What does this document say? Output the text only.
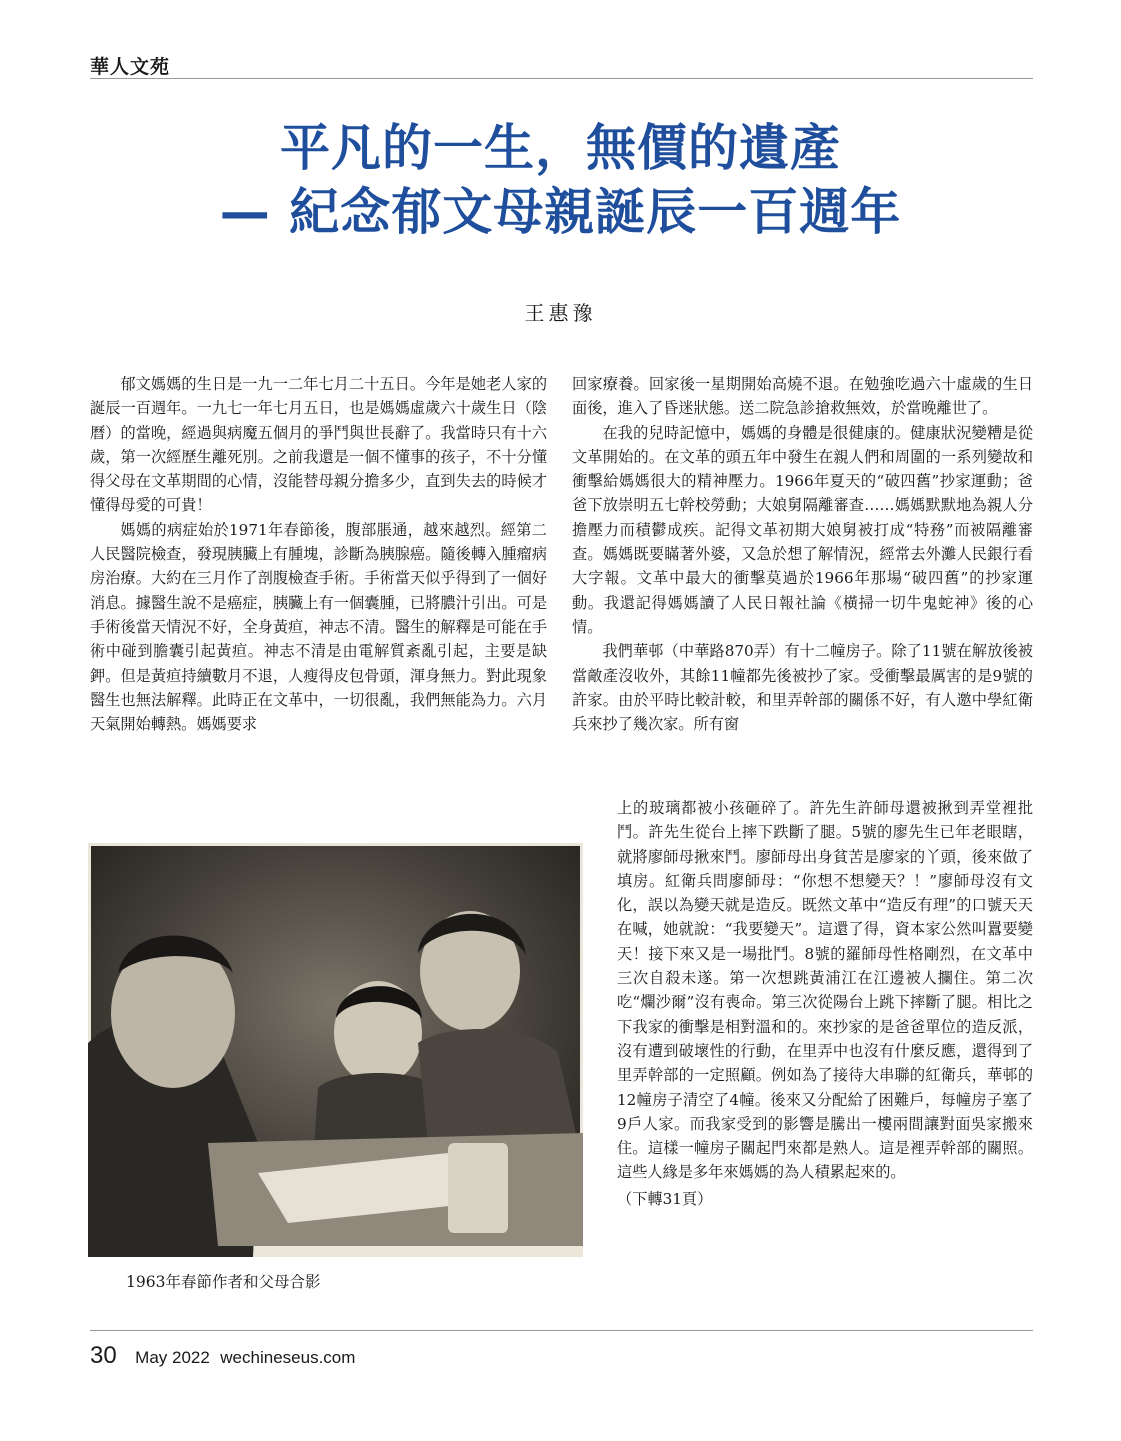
華人文苑
平凡的一生，無價的遺產
— 紀念郁文母親誕辰一百週年
王惠豫

郁文媽媽的生日是一九一二年七月二十五日。今年是她老人家的誕辰一百週年。一九七一年七月五日，也是媽媽虛歲六十歲生日（陰曆）的當晚，經過與病魔五個月的爭鬥與世長辭了。我當時只有十六歲，第一次經歷生離死別。之前我還是一個不懂事的孩子，不十分懂得父母在文革期間的心情，沒能替母親分擔多少，直到失去的時候才懂得母愛的可貴！

媽媽的病症始於1971年春節後，腹部脹通，越來越烈。經第二人民醫院檢查，發現胰臟上有腫塊，診斷為胰腺癌。隨後轉入腫瘤病房治療。大約在三月作了剖腹檢查手術。手術當天似乎得到了一個好消息。據醫生說不是癌症，胰臟上有一個囊腫，已將膿汁引出。可是手術後當天情況不好，全身黃疸，神志不清。醫生的解釋是可能在手術中碰到膽囊引起黃疸。神志不清是由電解質紊亂引起，主要是缺鉀。但是黃疸持續數月不退，人瘦得皮包骨頭，渾身無力。對此現象醫生也無法解釋。此時正在文革中，一切很亂，我們無能為力。六月天氣開始轉熱。媽媽要求

回家療養。回家後一星期開始高燒不退。在勉強吃過六十虛歲的生日面後，進入了昏迷狀態。送二院急診搶救無效，於當晚離世了。

在我的兒時記憶中，媽媽的身體是很健康的。健康狀況變糟是從文革開始的。在文革的頭五年中發生在親人們和周圍的一系列變故和衝擊給媽媽很大的精神壓力。1966年夏天的“破四舊”抄家運動；爸爸下放崇明五七幹校勞動；大娘舅隔離審查……媽媽默默地為親人分擔壓力而積鬱成疾。記得文革初期大娘舅被打成“特務”而被隔離審查。媽媽既要瞞著外婆，又急於想了解情況，經常去外灘人民銀行看大字報。文革中最大的衝擊莫過於1966年那場“破四舊”的抄家運動。我還記得媽媽讀了人民日報社論《橫掃一切牛鬼蛇神》後的心情。

我們華邨（中華路870弄）有十二幢房子。除了11號在解放後被當敵產沒收外，其餘11幢都先後被抄了家。受衝擊最厲害的是9號的許家。由於平時比較計較，和里弄幹部的關係不好，有人邀中學紅衛兵來抄了幾次家。所有窗

上的玻璃都被小孩砸碎了。許先生許師母還被揪到弄堂裡批鬥。許先生從台上摔下跌斷了腿。5號的廖先生已年老眼瞎，就將廖師母揪來鬥。廖師母出身貧苦是廖家的丫頭，後來做了填房。紅衛兵問廖師母：“你想不想變天？！”廖師母沒有文化，誤以為變天就是造反。既然文革中“造反有理”的口號天天在喊，她就說：“我要變天”。這還了得，資本家公然叫囂要變天！接下來又是一場批鬥。8號的羅師母性格剛烈，在文革中三次自殺未遂。第一次想跳黃浦江在江邊被人攔住。第二次吃“爛沙爾”沒有喪命。第三次從陽台上跳下摔斷了腿。相比之下我家的衝擊是相對溫和的。來抄家的是爸爸單位的造反派，沒有遭到破壞性的行動，在里弄中也沒有什麼反應，還得到了里弄幹部的一定照顧。例如為了接待大串聯的紅衛兵，華邨的12幢房子清空了4幢。後來又分配給了困難戶，每幢房子塞了9戶人家。而我家受到的影響是騰出一樓兩間讓對面吳家搬來住。這樣一幢房子關起門來都是熟人。這是裡弄幹部的關照。這些人緣是多年來媽媽的為人積累起來的。

（下轉31頁）

1963年春節作者和父母合影
30 May 2022 wechineseus.com
